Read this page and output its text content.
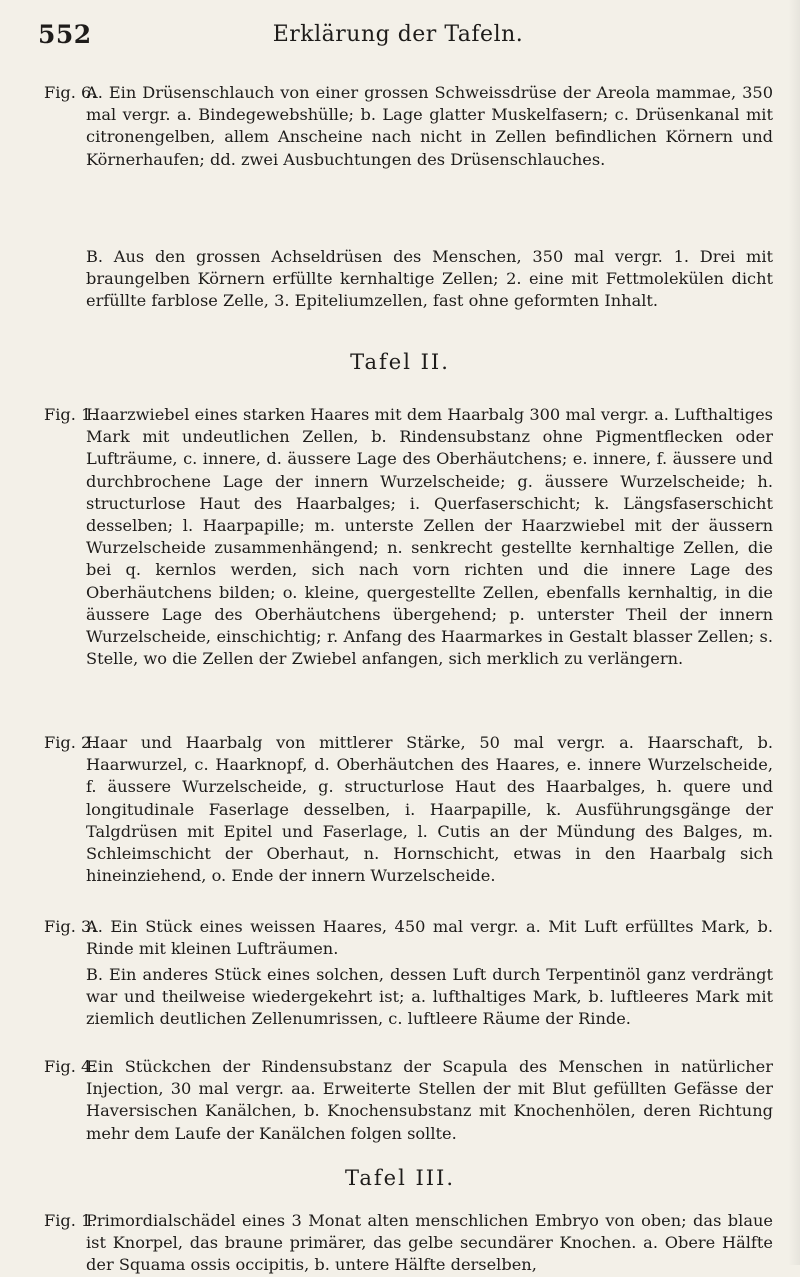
552	Erklärung der Tafeln.
Fig. 6.
A. Ein Drüsenschlauch von einer grossen Schweissdrüse der Areola mammae, 350 mal vergr. a. Bindegewebshülle; b. Lage glatter Muskelfasern; c. Drüsenkanal mit citronengelben, allem Anscheine nach nicht in Zellen befindlichen Körnern und Körnerhaufen; dd. zwei Ausbuchtungen des Drüsenschlauches.
B. Aus den grossen Achseldrüsen des Menschen, 350 mal vergr. 1. Drei mit braungelben Körnern erfüllte kernhaltige Zellen; 2. eine mit Fettmolekülen dicht erfüllte farblose Zelle, 3. Epiteliumzellen, fast ohne geformten Inhalt.
Tafel II.
Fig. 1.
Haarzwiebel eines starken Haares mit dem Haarbalg 300 mal vergr. a. Lufthaltiges Mark mit undeutlichen Zellen, b. Rindensubstanz ohne Pigmentflecken oder Lufträume, c. innere, d. äussere Lage des Oberhäutchens; e. innere, f. äussere und durchbrochene Lage der innern Wurzelscheide; g. äussere Wurzelscheide; h. structurlose Haut des Haarbalges; i. Querfaserschicht; k. Längsfaserschicht desselben; l. Haarpapille; m. unterste Zellen der Haarzwiebel mit der äussern Wurzelscheide zusammenhängend; n. senkrecht gestellte kernhaltige Zellen, die bei q. kernlos werden, sich nach vorn richten und die innere Lage des Oberhäutchens bilden; o. kleine, quergestellte Zellen, ebenfalls kernhaltig, in die äussere Lage des Oberhäutchens übergehend; p. unterster Theil der innern Wurzelscheide, einschichtig; r. Anfang des Haarmarkes in Gestalt blasser Zellen; s. Stelle, wo die Zellen der Zwiebel anfangen, sich merklich zu verlängern.
Fig. 2.
Haar und Haarbalg von mittlerer Stärke, 50 mal vergr. a. Haarschaft, b. Haarwurzel, c. Haarknopf, d. Oberhäutchen des Haares, e. innere Wurzelscheide, f. äussere Wurzelscheide, g. structurlose Haut des Haarbalges, h. quere und longitudinale Faserlage desselben, i. Haarpapille, k. Ausführungsgänge der Talgdrüsen mit Epitel und Faserlage, l. Cutis an der Mündung des Balges, m. Schleimschicht der Oberhaut, n. Hornschicht, etwas in den Haarbalg sich hineinziehend, o. Ende der innern Wurzelscheide.
Fig. 3.
A. Ein Stück eines weissen Haares, 450 mal vergr. a. Mit Luft erfülltes Mark, b. Rinde mit kleinen Lufträumen.
B. Ein anderes Stück eines solchen, dessen Luft durch Terpentinöl ganz verdrängt war und theilweise wiedergekehrt ist; a. lufthaltiges Mark, b. luftleeres Mark mit ziemlich deutlichen Zellenumrissen, c. luftleere Räume der Rinde.
Fig. 4.
Ein Stückchen der Rindensubstanz der Scapula des Menschen in natürlicher Injection, 30 mal vergr. aa. Erweiterte Stellen der mit Blut gefüllten Gefässe der Haversischen Kanälchen, b. Knochensubstanz mit Knochenhölen, deren Richtung mehr dem Laufe der Kanälchen folgen sollte.
Tafel III.
Fig. 1.
Primordialschädel eines 3 Monat alten menschlichen Embryo von oben; das blaue ist Knorpel, das braune primärer, das gelbe secundärer Knochen. a. Obere Hälfte der Squama ossis occipitis, b. untere Hälfte derselben,
